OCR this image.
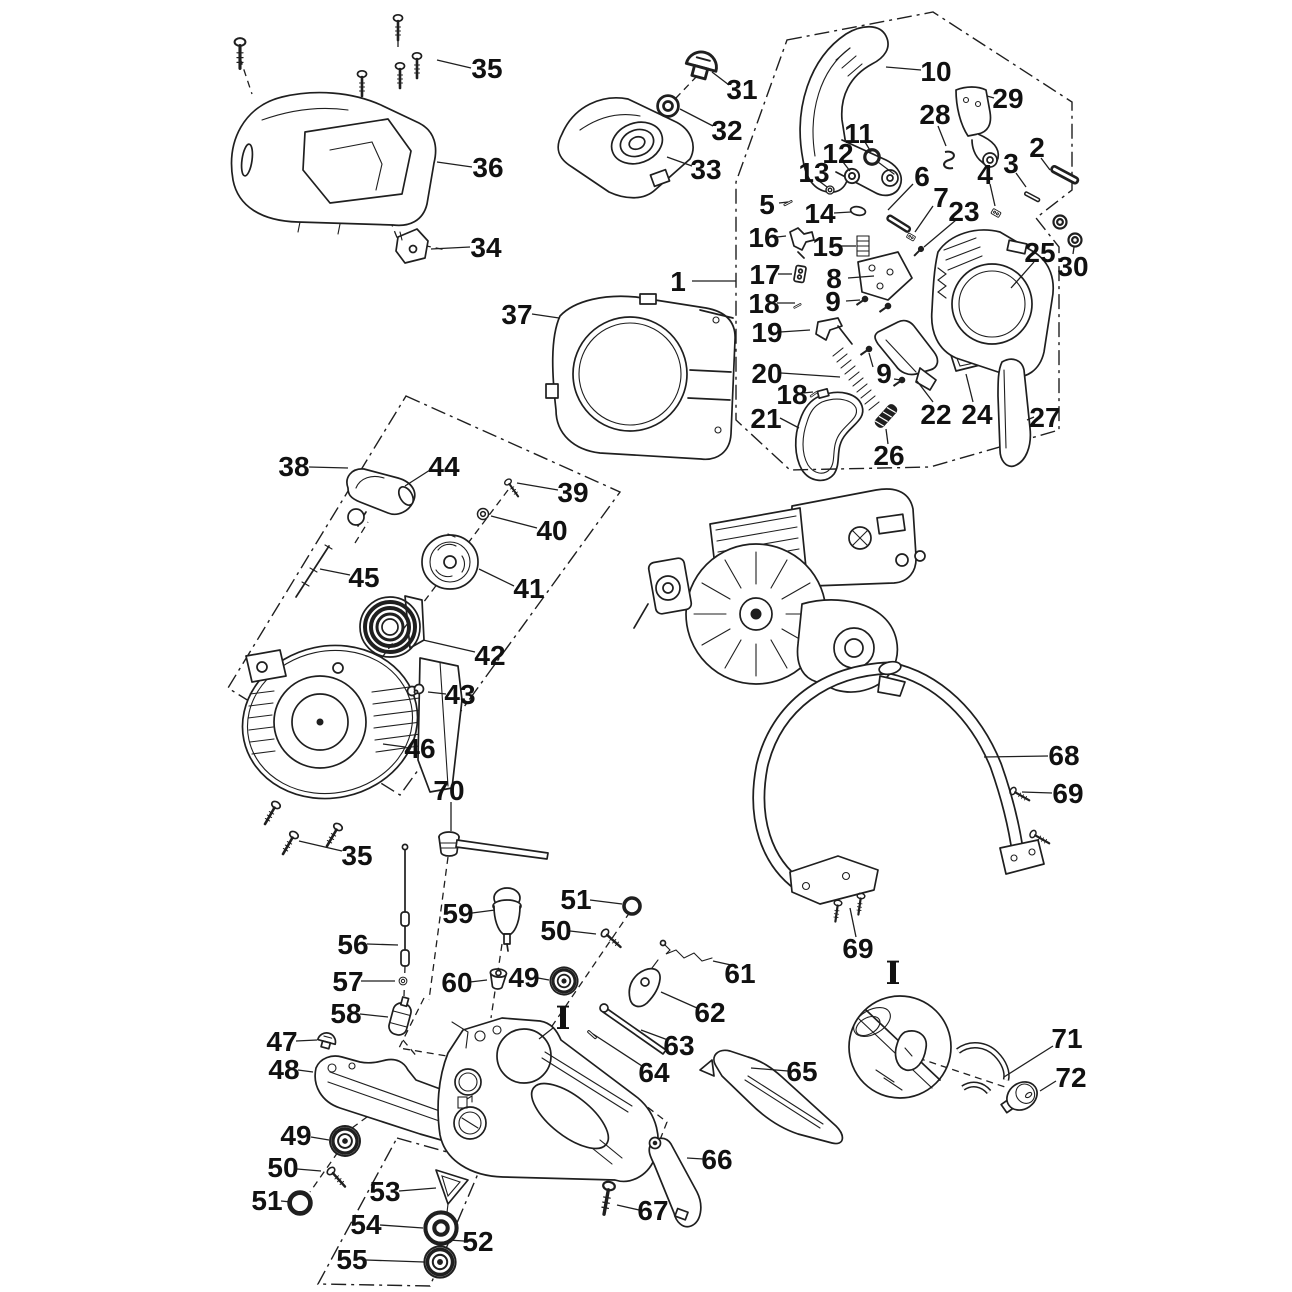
1
2
3
4
5
6
7
8
9
9
10
11
12
13
14
15
16
17
18
18
19
20
21	22
23
24
25
26
27
28
29
30
31
32
33
34
35
35
36
37
38
39
40
41
42
43
44
45
46
47
48
49
49
50
50
51
51
52
53
54
55
56
57
58
59
60	61
62
63
64	65
66
67
68
69
69
70
71
72
I
I
